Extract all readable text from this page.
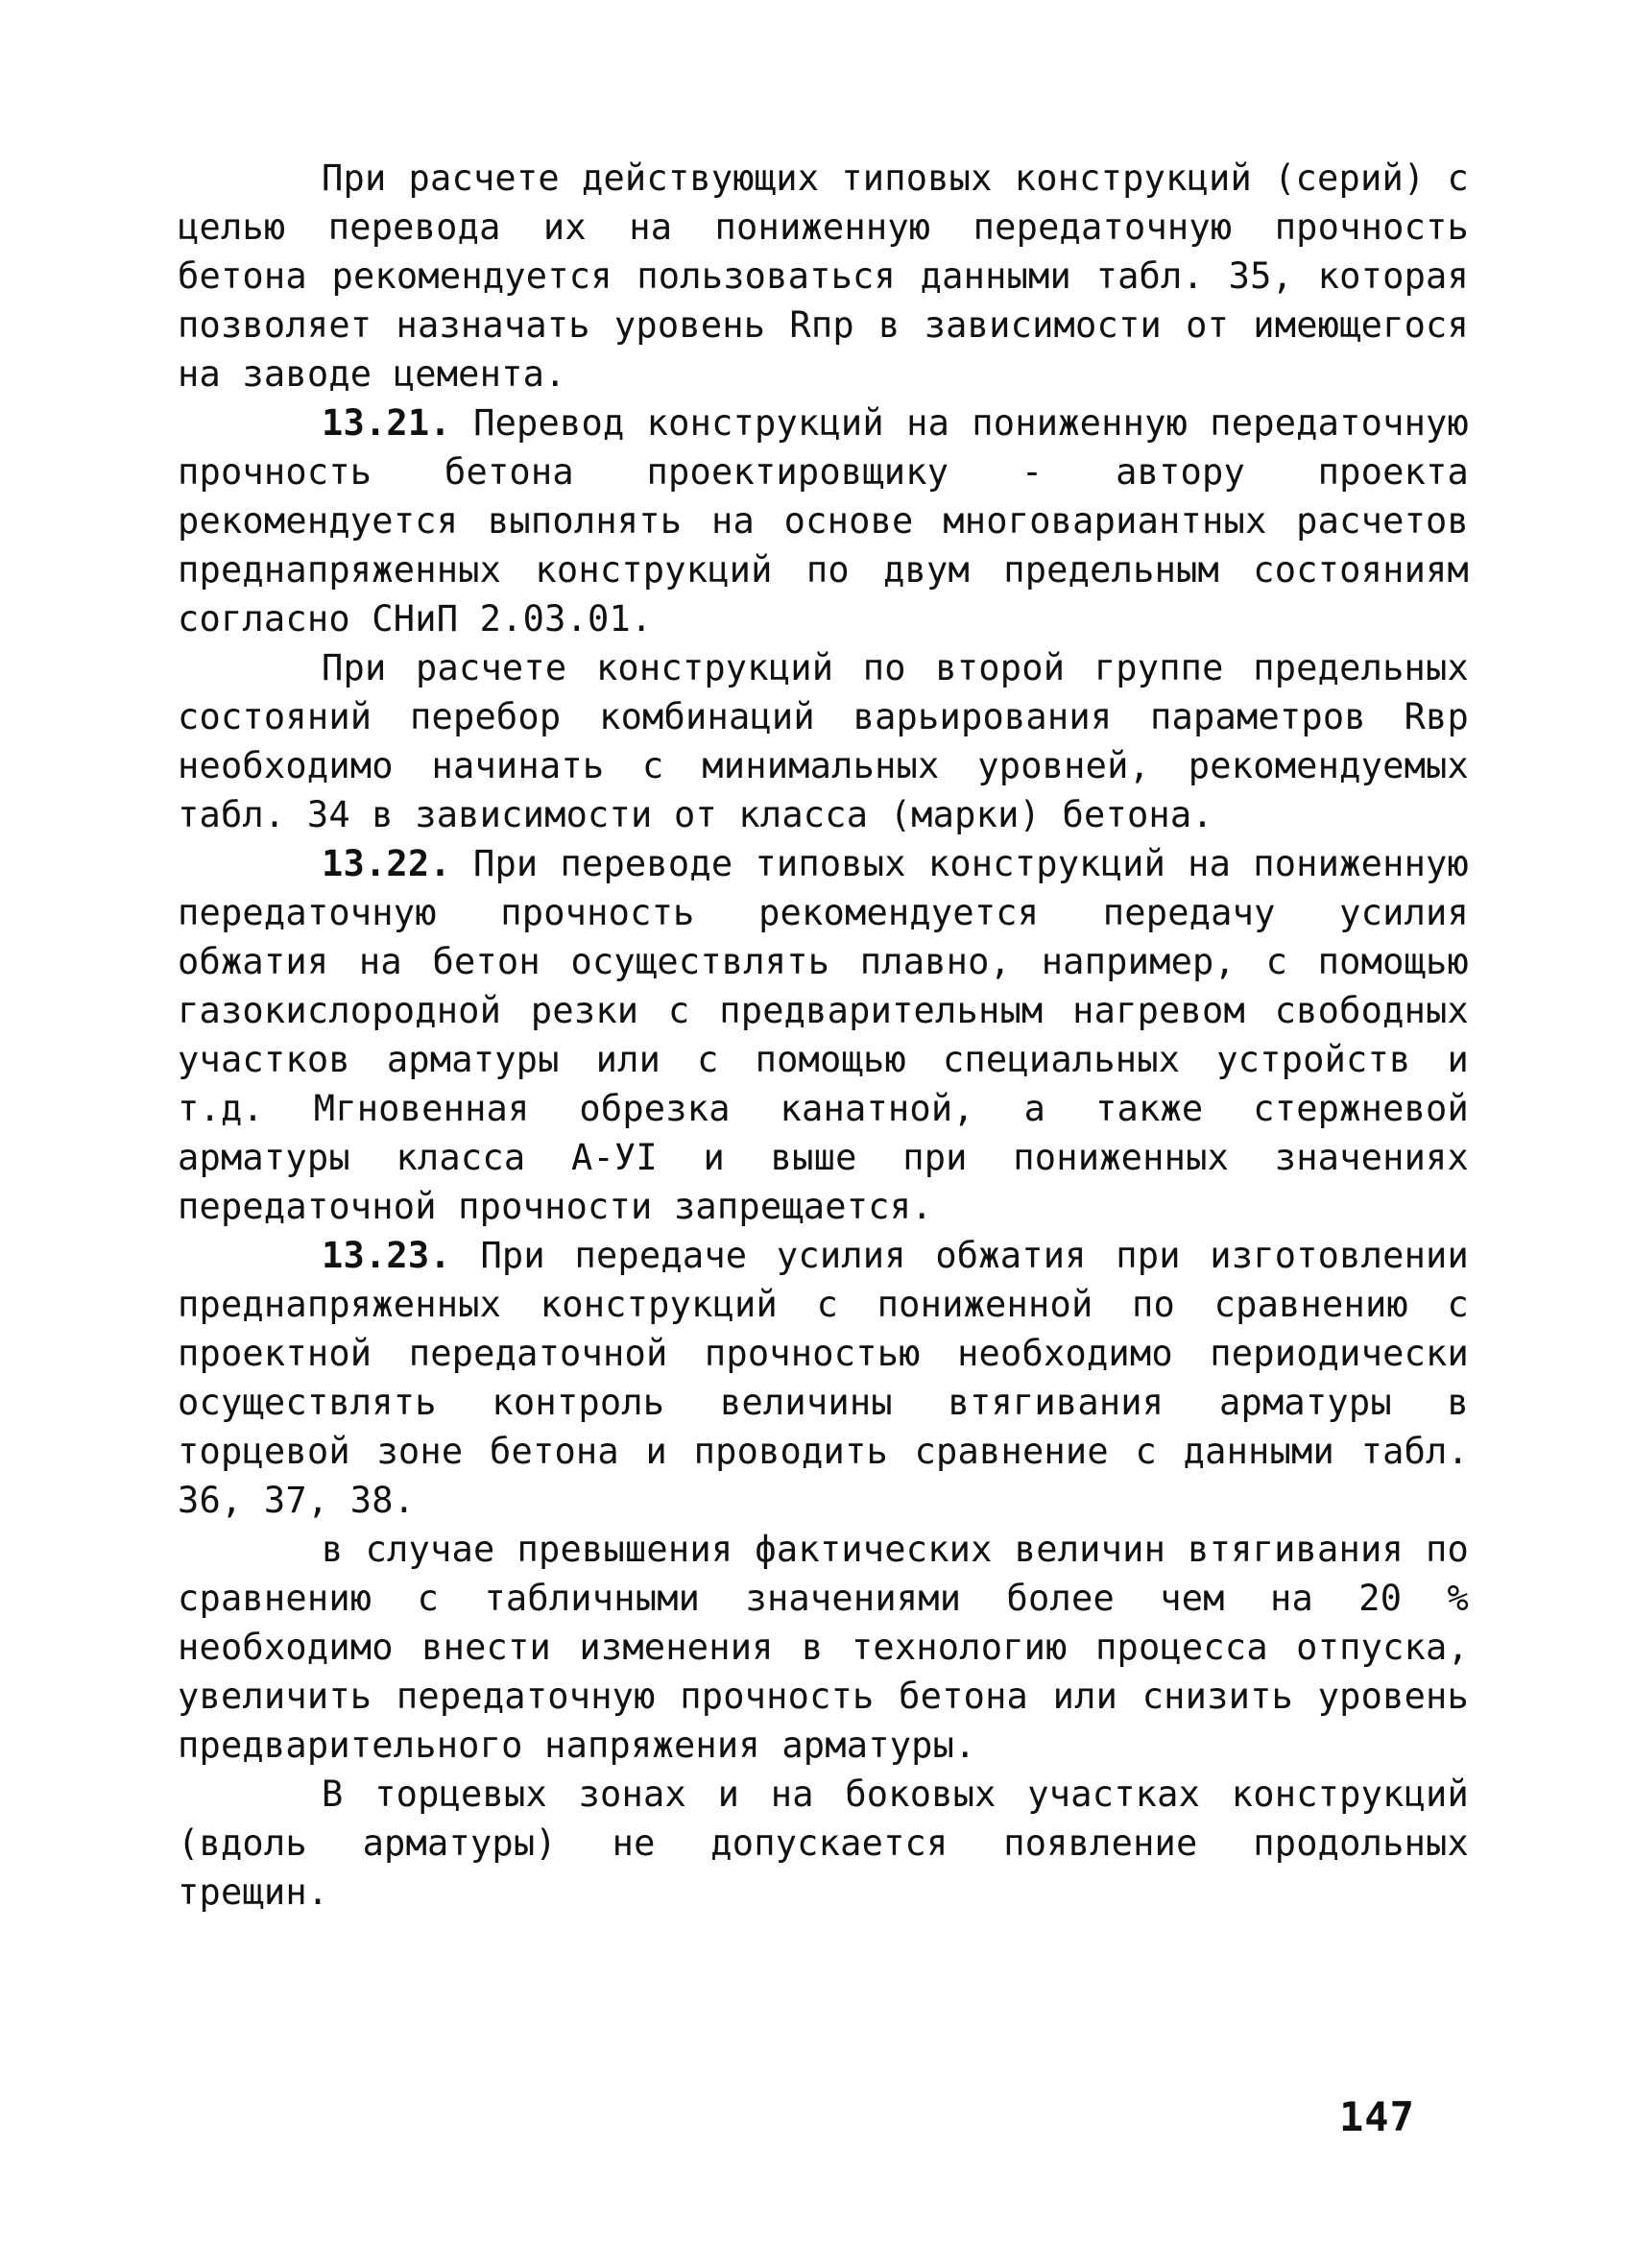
При расчете действующих типовых конструкций (серий) с целью перевода их на пониженную передаточную прочность бетона рекомендуется пользоваться данными табл. 35, которая позволяет назначать уровень Rпр в зависимости от имеющегося на заводе цемента.

13.21. Перевод конструкций на пониженную передаточную прочность бетона проектировщику - автору проекта рекомендуется выполнять на основе многовариантных расчетов преднапряженных конструкций по двум предельным состояниям согласно СНиП 2.03.01.

При расчете конструкций по второй группе предельных состояний перебор комбинаций варьирования параметров Rвр необходимо начинать с минимальных уровней, рекомендуемых табл. 34 в зависимости от класса (марки) бетона.

13.22. При переводе типовых конструкций на пониженную передаточную прочность рекомендуется передачу усилия обжатия на бетон осуществлять плавно, например, с помощью газокислородной резки с предварительным нагревом свободных участков арматуры или с помощью специальных устройств и т.д. Мгновенная обрезка канатной, а также стержневой арматуры класса А-УI и выше при пониженных значениях передаточной прочности запрещается.

13.23. При передаче усилия обжатия при изготовлении преднапряженных конструкций с пониженной по сравнению с проектной передаточной прочностью необходимо периодически осуществлять контроль величины втягивания арматуры в торцевой зоне бетона и проводить сравнение с данными табл. 36, 37, 38.

в случае превышения фактических величин втягивания по сравнению с табличными значениями более чем на 20 % необходимо внести изменения в технологию процесса отпуска, увеличить передаточную прочность бетона или снизить уровень предварительного напряжения арматуры.

В торцевых зонах и на боковых участках конструкций (вдоль арматуры) не допускается появление продольных трещин.

147
